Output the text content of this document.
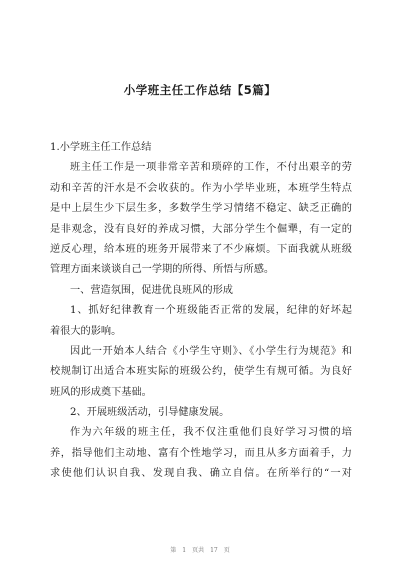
小学班主任工作总结【5篇】
1.小学班主任工作总结
班主任工作是一项非常辛苦和琐碎的工作，不付出艰辛的劳
动和辛苦的汗水是不会收获的。作为小学毕业班，本班学生特点
是中上层生少下层生多，多数学生学习情绪不稳定、缺乏正确的
是非观念，没有良好的养成习惯，大部分学生个倔犟，有一定的
逆反心理，给本班的班务开展带来了不少麻烦。下面我就从班级
管理方面来谈谈自己一学期的所得、所悟与所感。
一、营造氛围，促进优良班风的形成
1、抓好纪律教育一个班级能否正常的发展，纪律的好坏起
着很大的影响。
因此一开始本人结合《小学生守则》、《小学生行为规范》和
校规制订出适合本班实际的班级公约，使学生有规可循。为良好
班风的形成奠下基础。
2、开展班级活动，引导健康发展。
作为六年级的班主任，我不仅注重他们良好学习习惯的培
养，指导他们主动地、富有个性地学习，而且从多方面着手，力
求使他们认识自我、发现自我、确立自信。在所举行的“一对
第 1 页共 17 页
